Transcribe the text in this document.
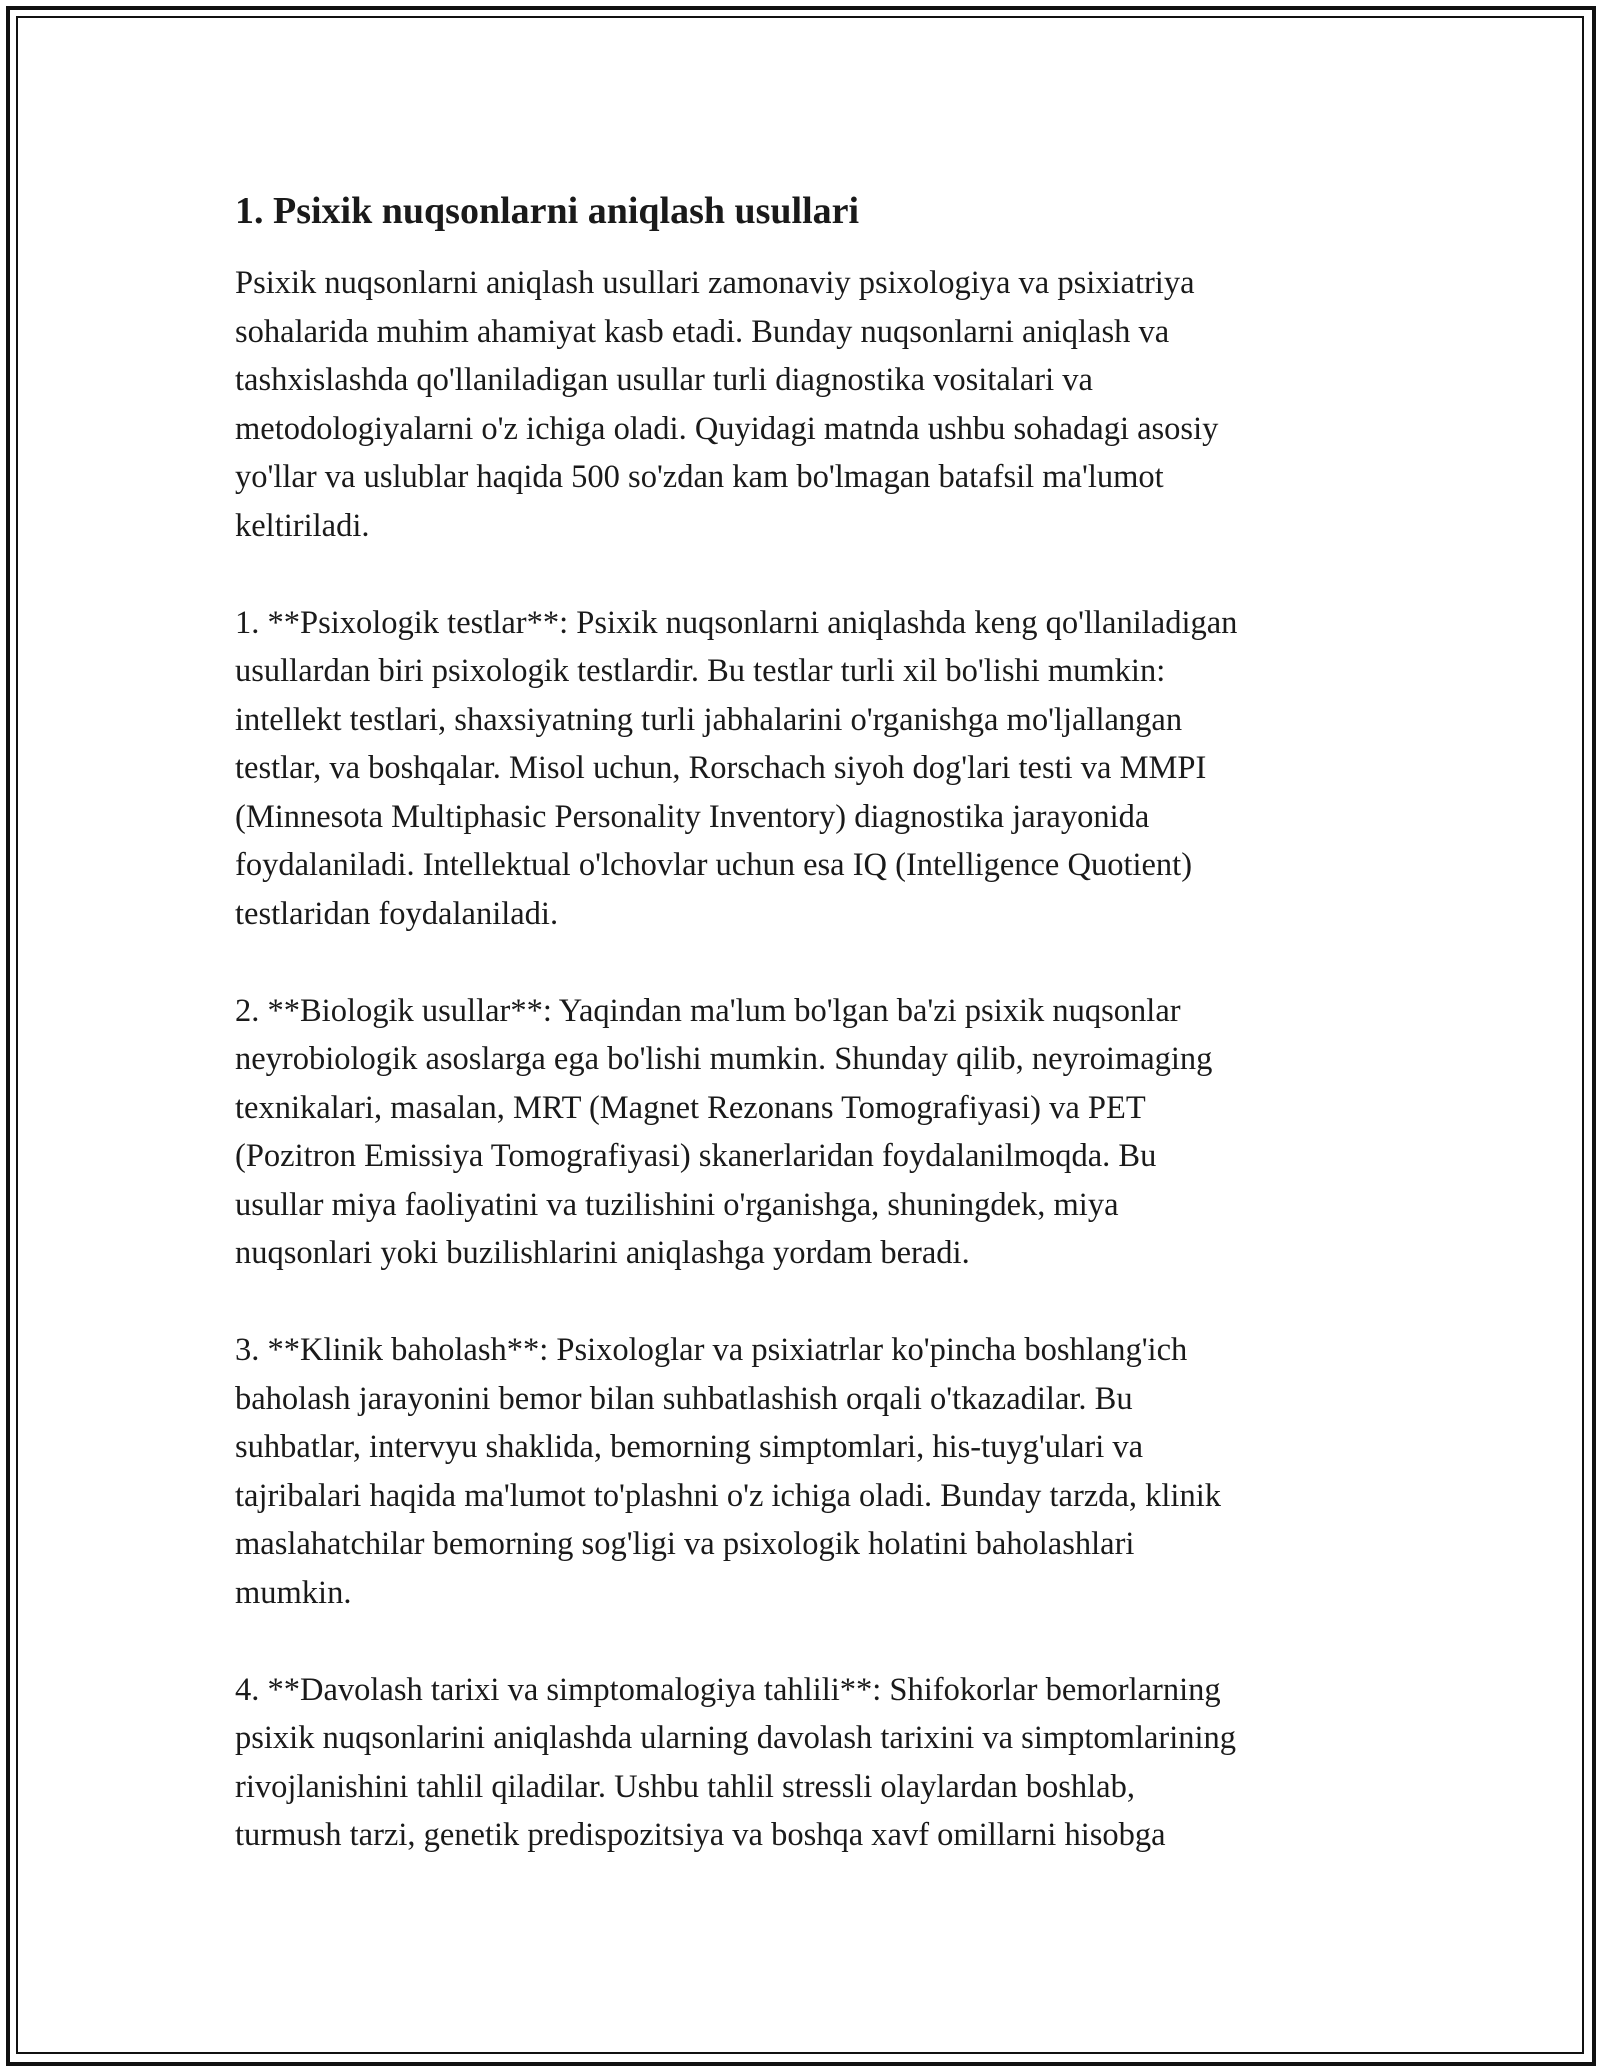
1. Psixik nuqsonlarni aniqlash usullari

Psixik nuqsonlarni aniqlash usullari zamonaviy psixologiya va psixiatriya
sohalarida muhim ahamiyat kasb etadi. Bunday nuqsonlarni aniqlash va
tashxislashda qo'llaniladigan usullar turli diagnostika vositalari va
metodologiyalarni o'z ichiga oladi. Quyidagi matnda ushbu sohadagi asosiy
yo'llar va uslublar haqida 500 so'zdan kam bo'lmagan batafsil ma'lumot
keltiriladi.

1. **Psixologik testlar**: Psixik nuqsonlarni aniqlashda keng qo'llaniladigan
usullardan biri psixologik testlardir. Bu testlar turli xil bo'lishi mumkin:
intellekt testlari, shaxsiyatning turli jabhalarini o'rganishga mo'ljallangan
testlar, va boshqalar. Misol uchun, Rorschach siyoh dog'lari testi va MMPI
(Minnesota Multiphasic Personality Inventory) diagnostika jarayonida
foydalaniladi. Intellektual o'lchovlar uchun esa IQ (Intelligence Quotient)
testlaridan foydalaniladi.

2. **Biologik usullar**: Yaqindan ma'lum bo'lgan ba'zi psixik nuqsonlar
neyrobiologik asoslarga ega bo'lishi mumkin. Shunday qilib, neyroimaging
texnikalari, masalan, MRT (Magnet Rezonans Tomografiyasi) va PET
(Pozitron Emissiya Tomografiyasi) skanerlaridan foydalanilmoqda. Bu
usullar miya faoliyatini va tuzilishini o'rganishga, shuningdek, miya
nuqsonlari yoki buzilishlarini aniqlashga yordam beradi.

3. **Klinik baholash**: Psixologlar va psixiatrlar ko'pincha boshlang'ich
baholash jarayonini bemor bilan suhbatlashish orqali o'tkazadilar. Bu
suhbatlar, intervyu shaklida, bemorning simptomlari, his-tuyg'ulari va
tajribalari haqida ma'lumot to'plashni o'z ichiga oladi. Bunday tarzda, klinik
maslahatchilar bemorning sog'ligi va psixologik holatini baholashlari
mumkin.

4. **Davolash tarixi va simptomalogiya tahlili**: Shifokorlar bemorlarning
psixik nuqsonlarini aniqlashda ularning davolash tarixini va simptomlarining
rivojlanishini tahlil qiladilar. Ushbu tahlil stressli olaylardan boshlab,
turmush tarzi, genetik predispozitsiya va boshqa xavf omillarni hisobga
